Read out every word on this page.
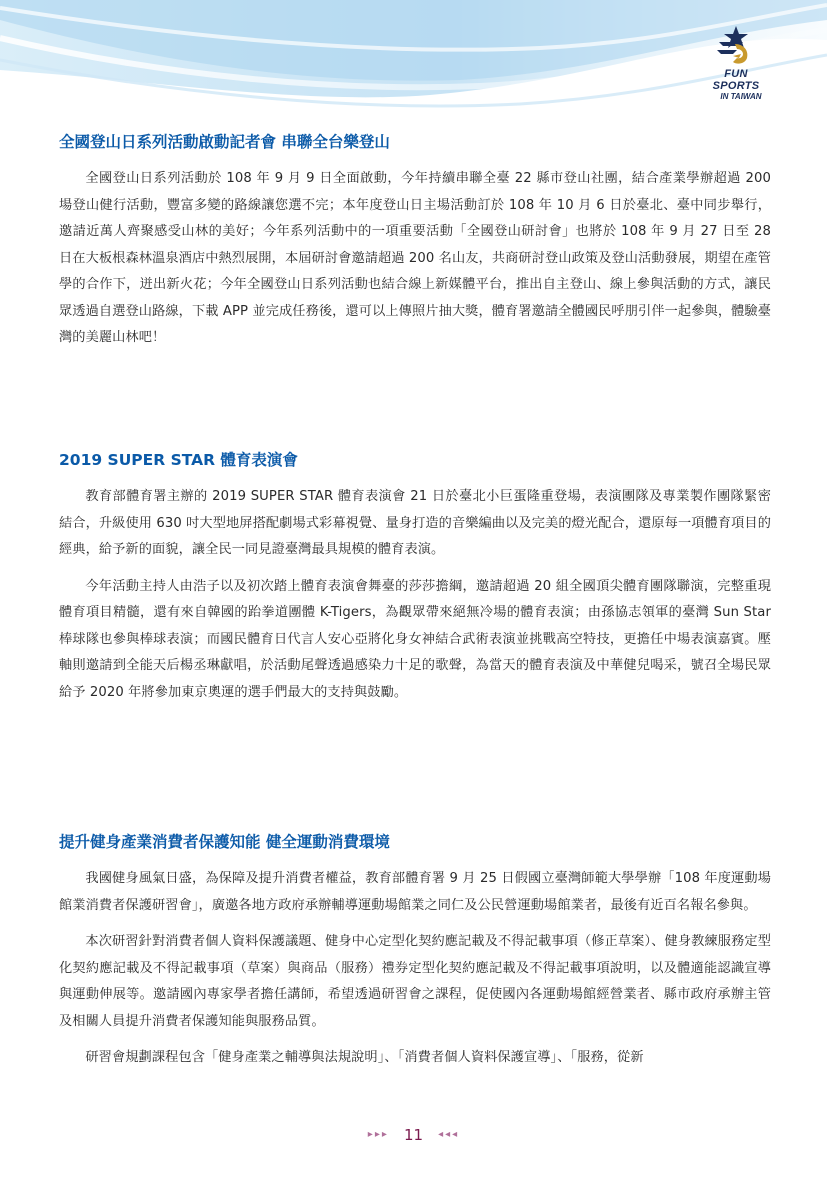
FUN SPORTS
IN TAIWAN
全國登山日系列活動啟動記者會 串聯全台樂登山

全國登山日系列活動於 108 年 9 月 9 日全面啟動，今年持續串聯全臺 22 縣市登山社團，結合產業學辦超過 200 場登山健行活動，豐富多變的路線讓您選不完；本年度登山日主場活動訂於 108 年 10 月 6 日於臺北、臺中同步舉行，邀請近萬人齊聚感受山林的美好；今年系列活動中的一項重要活動「全國登山研討會」也將於 108 年 9 月 27 日至 28 日在大板根森林溫泉酒店中熱烈展開，本屆研討會邀請超過 200 名山友，共商研討登山政策及登山活動發展，期望在產管學的合作下，迸出新火花；今年全國登山日系列活動也結合線上新媒體平台，推出自主登山、線上參與活動的方式，讓民眾透過自選登山路線，下載 APP 並完成任務後，還可以上傳照片抽大獎，體育署邀請全體國民呼朋引伴一起參與，體驗臺灣的美麗山林吧！

2019 SUPER STAR 體育表演會

教育部體育署主辦的 2019 SUPER STAR 體育表演會 21 日於臺北小巨蛋隆重登場，表演團隊及專業製作團隊緊密結合，升級使用 630 吋大型地屏搭配劇場式彩幕視覺、量身打造的音樂編曲以及完美的燈光配合，還原每一項體育項目的經典，給予新的面貌，讓全民一同見證臺灣最具規模的體育表演。

今年活動主持人由浩子以及初次踏上體育表演會舞臺的莎莎擔綱，邀請超過 20 組全國頂尖體育團隊聯演，完整重現體育項目精髓，還有來自韓國的跆拳道團體 K-Tigers，為觀眾帶來絕無冷場的體育表演；由孫協志領軍的臺灣 Sun Star 棒球隊也參與棒球表演；而國民體育日代言人安心亞將化身女神結合武術表演並挑戰高空特技，更擔任中場表演嘉賓。壓軸則邀請到全能天后楊丞琳獻唱，於活動尾聲透過感染力十足的歌聲，為當天的體育表演及中華健兒喝采，號召全場民眾給予 2020 年將參加東京奧運的選手們最大的支持與鼓勵。

提升健身產業消費者保護知能 健全運動消費環境

我國健身風氣日盛，為保障及提升消費者權益，教育部體育署 9 月 25 日假國立臺灣師範大學學辦「108 年度運動場館業消費者保護研習會」，廣邀各地方政府承辦輔導運動場館業之同仁及公民營運動場館業者，最後有近百名報名參與。

本次研習針對消費者個人資料保護議題、健身中心定型化契約應記載及不得記載事項（修正草案）、健身教練服務定型化契約應記載及不得記載事項（草案）與商品（服務）禮券定型化契約應記載及不得記載事項說明，以及體適能認識宣導與運動伸展等。邀請國內專家學者擔任講師，希望透過研習會之課程，促使國內各運動場館經營業者、縣市政府承辦主管及相關人員提升消費者保護知能與服務品質。

研習會規劃課程包含「健身產業之輔導與法規說明」、「消費者個人資料保護宣導」、「服務，從新

▸▸▸ 11 ◂◂◂
